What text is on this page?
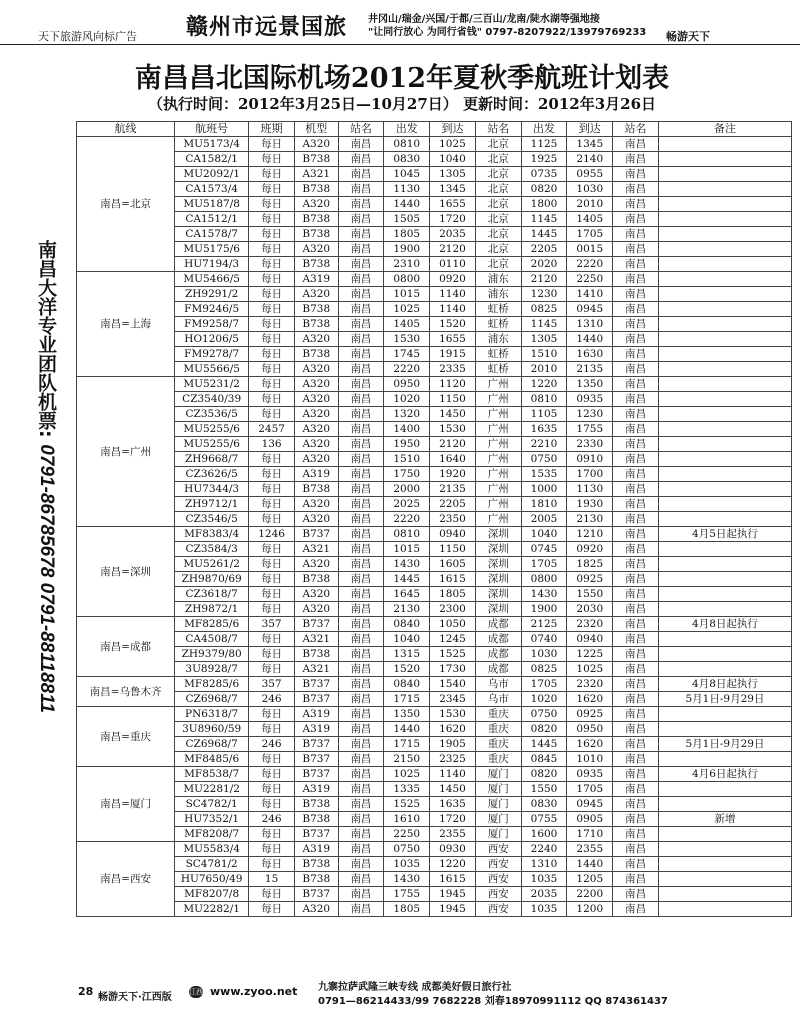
天下旅游风向标广告 赣州市远景国旅 井冈山/瑞金/兴国/于都/三百山/龙南/陡水湖等强地接
"让同行放心 为同行省钱" 0797-8207922/13979769233 畅游天下
南昌大洋专业团队机票: 0791-86785678 0791-88118811
南昌昌北国际机场2012年夏秋季航班计划表
（执行时间：2012年3月25日—10月27日） 更新时间：2012年3月26日
航线	航班号	班期	机型	站名	出发	到达	站名	出发	到达	站名	备注
南昌=北京	MU5173/4	每日	A320	南昌	0810	1025	北京	1125	1345	南昌	
	CA1582/1	每日	B738	南昌	0830	1040	北京	1925	2140	南昌	
	MU2092/1	每日	A321	南昌	1045	1305	北京	0735	0955	南昌	
	CA1573/4	每日	B738	南昌	1130	1345	北京	0820	1030	南昌	
	MU5187/8	每日	A320	南昌	1440	1655	北京	1800	2010	南昌	
	CA1512/1	每日	B738	南昌	1505	1720	北京	1145	1405	南昌	
	CA1578/7	每日	B738	南昌	1805	2035	北京	1445	1705	南昌	
	MU5175/6	每日	A320	南昌	1900	2120	北京	2205	0015	南昌	
	HU7194/3	每日	B738	南昌	2310	0110	北京	2020	2220	南昌	
南昌=上海	MU5466/5	每日	A319	南昌	0800	0920	浦东	2120	2250	南昌	
	ZH9291/2	每日	A320	南昌	1015	1140	浦东	1230	1410	南昌	
	FM9246/5	每日	B738	南昌	1025	1140	虹桥	0825	0945	南昌	
	FM9258/7	每日	B738	南昌	1405	1520	虹桥	1145	1310	南昌	
	HO1206/5	每日	A320	南昌	1530	1655	浦东	1305	1440	南昌	
	FM9278/7	每日	B738	南昌	1745	1915	虹桥	1510	1630	南昌	
	MU5566/5	每日	A320	南昌	2220	2335	虹桥	2010	2135	南昌	
南昌=广州	MU5231/2	每日	A320	南昌	0950	1120	广州	1220	1350	南昌	
	CZ3540/39	每日	A320	南昌	1020	1150	广州	0810	0935	南昌	
	CZ3536/5	每日	A320	南昌	1320	1450	广州	1105	1230	南昌	
	MU5255/6	2457	A320	南昌	1400	1530	广州	1635	1755	南昌	
	MU5255/6	136	A320	南昌	1950	2120	广州	2210	2330	南昌	
	ZH9668/7	每日	A320	南昌	1510	1640	广州	0750	0910	南昌	
	CZ3626/5	每日	A319	南昌	1750	1920	广州	1535	1700	南昌	
	HU7344/3	每日	B738	南昌	2000	2135	广州	1000	1130	南昌	
	ZH9712/1	每日	A320	南昌	2025	2205	广州	1810	1930	南昌	
	CZ3546/5	每日	A320	南昌	2220	2350	广州	2005	2130	南昌	
南昌=深圳	MF8383/4	1246	B737	南昌	0810	0940	深圳	1040	1210	南昌	4月5日起执行
	CZ3584/3	每日	A321	南昌	1015	1150	深圳	0745	0920	南昌	
	MU5261/2	每日	A320	南昌	1430	1605	深圳	1705	1825	南昌	
	ZH9870/69	每日	B738	南昌	1445	1615	深圳	0800	0925	南昌	
	CZ3618/7	每日	A320	南昌	1645	1805	深圳	1430	1550	南昌	
	ZH9872/1	每日	A320	南昌	2130	2300	深圳	1900	2030	南昌	
南昌=成都	MF8285/6	357	B737	南昌	0840	1050	成都	2125	2320	南昌	4月8日起执行
	CA4508/7	每日	A321	南昌	1040	1245	成都	0740	0940	南昌	
	ZH9379/80	每日	B738	南昌	1315	1525	成都	1030	1225	南昌	
	3U8928/7	每日	A321	南昌	1520	1730	成都	0825	1025	南昌	
南昌=乌鲁木齐	MF8285/6	357	B737	南昌	0840	1540	乌市	1705	2320	南昌	4月8日起执行
	CZ6968/7	246	B737	南昌	1715	2345	乌市	1020	1620	南昌	5月1日-9月29日
南昌=重庆	PN6318/7	每日	A319	南昌	1350	1530	重庆	0750	0925	南昌	
	3U8960/59	每日	A319	南昌	1440	1620	重庆	0820	0950	南昌	
	CZ6968/7	246	B737	南昌	1715	1905	重庆	1445	1620	南昌	5月1日-9月29日
	MF8485/6	每日	B737	南昌	2150	2325	重庆	0845	1010	南昌	
南昌=厦门	MF8538/7	每日	B737	南昌	1025	1140	厦门	0820	0935	南昌	4月6日起执行
	MU2281/2	每日	A319	南昌	1335	1450	厦门	1550	1705	南昌	
	SC4782/1	每日	B738	南昌	1525	1635	厦门	0830	0945	南昌	
	HU7352/1	246	B738	南昌	1610	1720	厦门	0755	0905	南昌	新增
	MF8208/7	每日	B737	南昌	2250	2355	厦门	1600	1710	南昌	
南昌=西安	MU5583/4	每日	A319	南昌	0750	0930	西安	2240	2355	南昌	
	SC4781/2	每日	B738	南昌	1035	1220	西安	1310	1440	南昌	
	HU7650/49	15	B738	南昌	1430	1615	西安	1035	1205	南昌	
	MF8207/8	每日	B737	南昌	1755	1945	西安	2035	2200	南昌	
	MU2282/1	每日	A320	南昌	1805	1945	西安	1035	1200	南昌	
28 畅游天下·江西版 江西 www.zyoo.net 九寨拉萨武隆三峡专线 成都美好假日旅行社
0791—86214433/99 7682228 刘春18970991112 QQ 874361437
